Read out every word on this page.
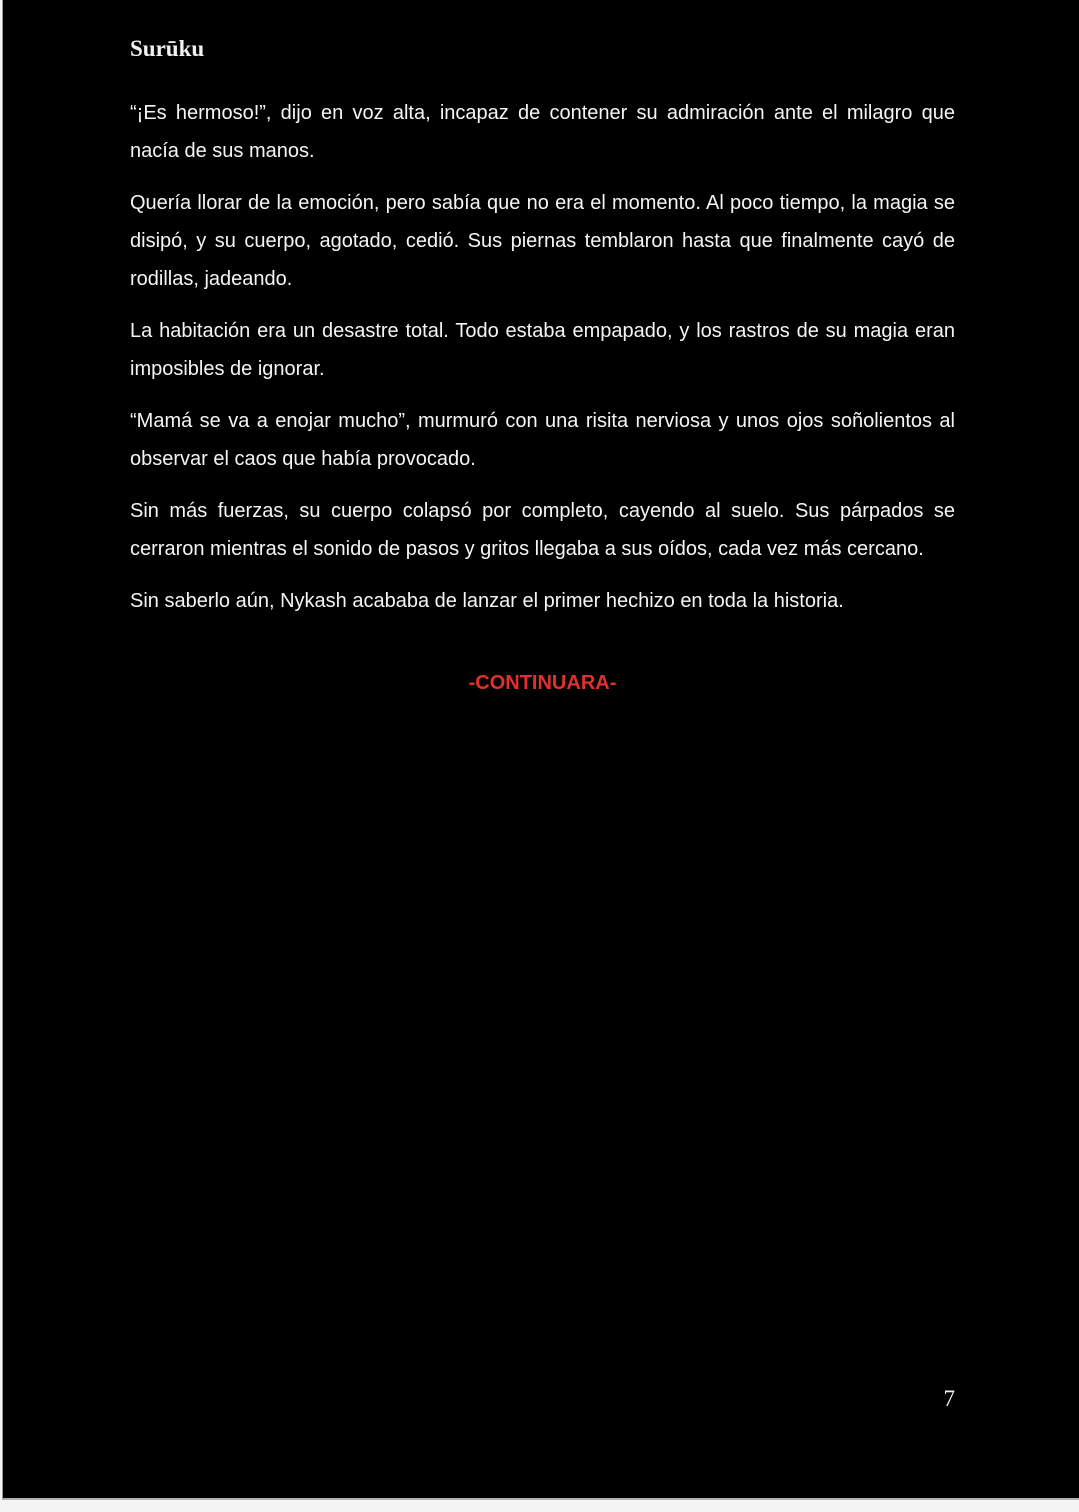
Surūku

“¡Es hermoso!”, dijo en voz alta, incapaz de contener su admiración ante el milagro que nacía de sus manos.

Quería llorar de la emoción, pero sabía que no era el momento. Al poco tiempo, la magia se disipó, y su cuerpo, agotado, cedió. Sus piernas temblaron hasta que finalmente cayó de rodillas, jadeando.

La habitación era un desastre total. Todo estaba empapado, y los rastros de su magia eran imposibles de ignorar.

“Mamá se va a enojar mucho”, murmuró con una risita nerviosa y unos ojos soñolientos al observar el caos que había provocado.

Sin más fuerzas, su cuerpo colapsó por completo, cayendo al suelo. Sus párpados se cerraron mientras el sonido de pasos y gritos llegaba a sus oídos, cada vez más cercano.

Sin saberlo aún, Nykash acababa de lanzar el primer hechizo en toda la historia.

-CONTINUARA-
7
